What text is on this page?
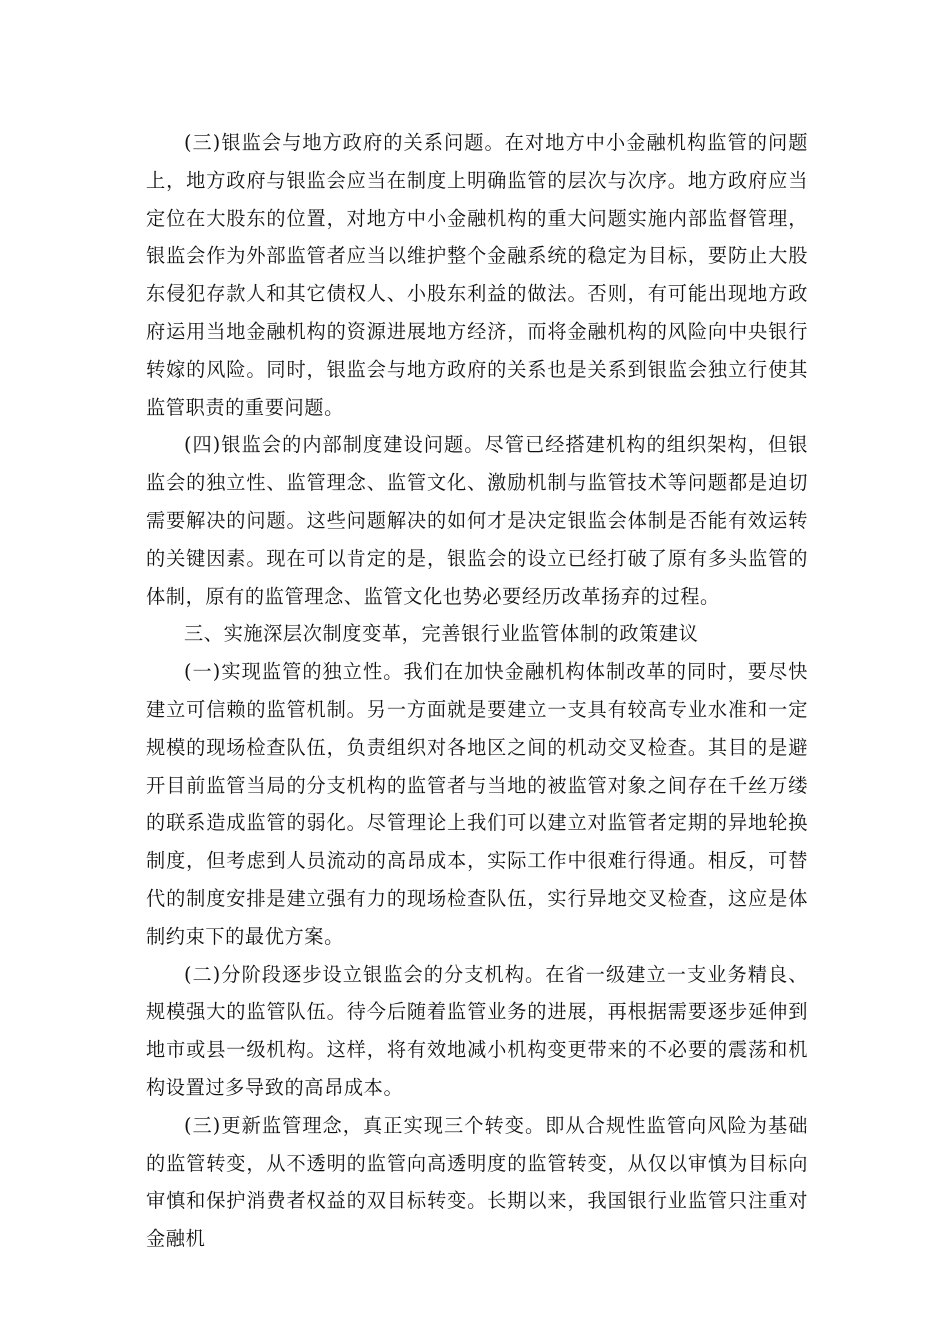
(三)银监会与地方政府的关系问题。在对地方中小金融机构监管的问题上，地方政府与银监会应当在制度上明确监管的层次与次序。地方政府应当定位在大股东的位置，对地方中小金融机构的重大问题实施内部监督管理，银监会作为外部监管者应当以维护整个金融系统的稳定为目标，要防止大股东侵犯存款人和其它债权人、小股东利益的做法。否则，有可能出现地方政府运用当地金融机构的资源进展地方经济，而将金融机构的风险向中央银行转嫁的风险。同时，银监会与地方政府的关系也是关系到银监会独立行使其监管职责的重要问题。

(四)银监会的内部制度建设问题。尽管已经搭建机构的组织架构，但银监会的独立性、监管理念、监管文化、激励机制与监管技术等问题都是迫切需要解决的问题。这些问题解决的如何才是决定银监会体制是否能有效运转的关键因素。现在可以肯定的是，银监会的设立已经打破了原有多头监管的体制，原有的监管理念、监管文化也势必要经历改革扬弃的过程。

三、实施深层次制度变革，完善银行业监管体制的政策建议

(一)实现监管的独立性。我们在加快金融机构体制改革的同时，要尽快建立可信赖的监管机制。另一方面就是要建立一支具有较高专业水准和一定规模的现场检查队伍，负责组织对各地区之间的机动交叉检查。其目的是避开目前监管当局的分支机构的监管者与当地的被监管对象之间存在千丝万缕的联系造成监管的弱化。尽管理论上我们可以建立对监管者定期的异地轮换制度，但考虑到人员流动的高昂成本，实际工作中很难行得通。相反，可替代的制度安排是建立强有力的现场检查队伍，实行异地交叉检查，这应是体制约束下的最优方案。

(二)分阶段逐步设立银监会的分支机构。在省一级建立一支业务精良、规模强大的监管队伍。待今后随着监管业务的进展，再根据需要逐步延伸到地市或县一级机构。这样，将有效地减小机构变更带来的不必要的震荡和机构设置过多导致的高昂成本。

(三)更新监管理念，真正实现三个转变。即从合规性监管向风险为基础的监管转变，从不透明的监管向高透明度的监管转变，从仅以审慎为目标向审慎和保护消费者权益的双目标转变。长期以来，我国银行业监管只注重对金融机
